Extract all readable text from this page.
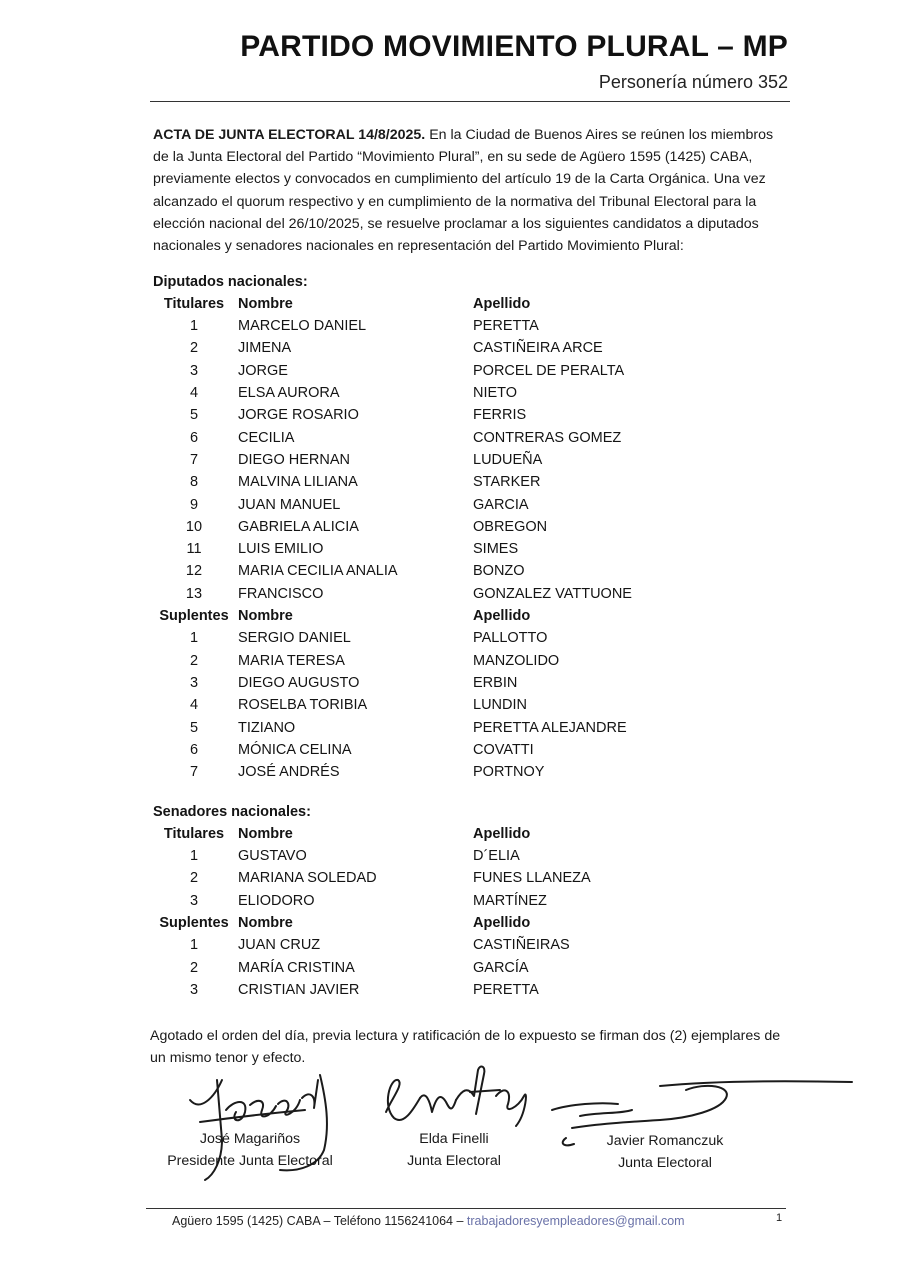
PARTIDO MOVIMIENTO PLURAL – MP
Personería número 352
ACTA DE JUNTA ELECTORAL 14/8/2025. En la Ciudad de Buenos Aires se reúnen los miembros de la Junta Electoral del Partido “Movimiento Plural”, en su sede de Agüero 1595 (1425) CABA, previamente electos y convocados en cumplimiento del artículo 19 de la Carta Orgánica. Una vez alcanzado el quorum respectivo y en cumplimiento de la normativa del Tribunal Electoral para la elección nacional del 26/10/2025, se resuelve proclamar a los siguientes candidatos a diputados nacionales y senadores nacionales en representación del Partido Movimiento Plural:
Diputados nacionales:
Titulares Nombre	Apellido
1	MARCELO DANIEL	PERETTA
2	JIMENA	CASTIÑEIRA ARCE
3	JORGE	PORCEL DE PERALTA
4	ELSA AURORA	NIETO
5	JORGE ROSARIO	FERRIS
6	CECILIA	CONTRERAS GOMEZ
7	DIEGO HERNAN	LUDUEÑA
8	MALVINA LILIANA	STARKER
9	JUAN MANUEL	GARCIA
10	GABRIELA ALICIA	OBREGON
11	LUIS EMILIO	SIMES
12	MARIA CECILIA ANALIA	BONZO
13	FRANCISCO	GONZALEZ VATTUONE
Suplentes Nombre	Apellido
1	SERGIO DANIEL	PALLOTTO
2	MARIA TERESA	MANZOLIDO
3	DIEGO AUGUSTO	ERBIN
4	ROSELBA TORIBIA	LUNDIN
5	TIZIANO	PERETTA ALEJANDRE
6	MÓNICA CELINA	COVATTI
7	JOSÉ ANDRÉS	PORTNOY
Senadores nacionales:
Titulares Nombre	Apellido
1	GUSTAVO	D´ELIA
2	MARIANA SOLEDAD	FUNES LLANEZA
3	ELIODORO	MARTÍNEZ
Suplentes Nombre	Apellido
1	JUAN CRUZ	CASTIÑEIRAS
2	MARÍA CRISTINA	GARCÍA
3	CRISTIAN JAVIER	PERETTA
Agotado el orden del día, previa lectura y ratificación de lo expuesto se firman dos (2) ejemplares de un mismo tenor y efecto.
José Magariños
Presidente Junta Electoral
Elda Finelli
Junta Electoral
Javier Romanczuk
Junta Electoral
Agüero 1595 (1425) CABA – Teléfono 1156241064 – trabajadoresyempleadores@gmail.com	1
